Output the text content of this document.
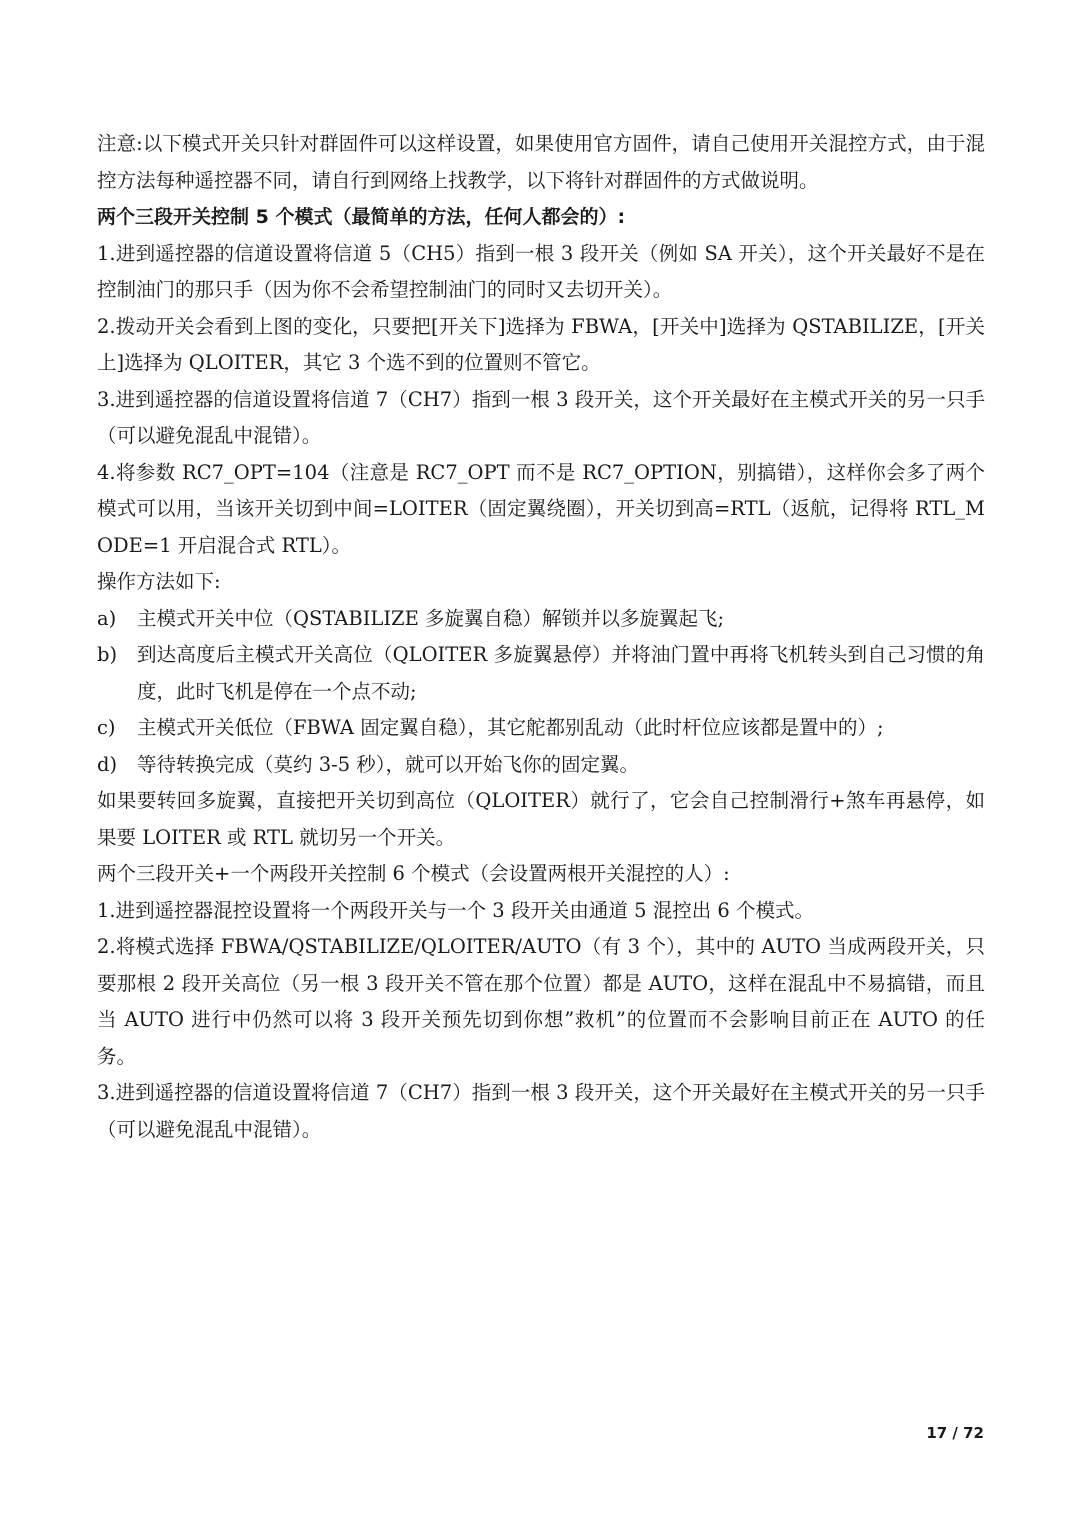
注意:以下模式开关只针对群固件可以这样设置，如果使用官方固件，请自己使用开关混控方式，由于混控方法每种遥控器不同，请自行到网络上找教学，以下将针对群固件的方式做说明。

两个三段开关控制 5 个模式（最简单的方法，任何人都会的）:

1.进到遥控器的信道设置将信道 5（CH5）指到一根 3 段开关（例如 SA 开关），这个开关最好不是在控制油门的那只手（因为你不会希望控制油门的同时又去切开关）。

2.拨动开关会看到上图的变化，只要把[开关下]选择为 FBWA，[开关中]选择为 QSTABILIZE，[开关上]选择为 QLOITER，其它 3 个选不到的位置则不管它。

3.进到遥控器的信道设置将信道 7（CH7）指到一根 3 段开关，这个开关最好在主模式开关的另一只手（可以避免混乱中混错）。

4.将参数 RC7_OPT=104（注意是 RC7_OPT 而不是 RC7_OPTION，别搞错），这样你会多了两个模式可以用，当该开关切到中间=LOITER（固定翼绕圈），开关切到高=RTL（返航，记得将 RTL_MODE=1 开启混合式 RTL）。

操作方法如下:

a)	主模式开关中位（QSTABILIZE 多旋翼自稳）解锁并以多旋翼起飞;
b)	到达高度后主模式开关高位（QLOITER 多旋翼悬停）并将油门置中再将飞机转头到自己习惯的角度，此时飞机是停在一个点不动;
c)	主模式开关低位（FBWA 固定翼自稳），其它舵都别乱动（此时杆位应该都是置中的）;
d)	等待转换完成（莫约 3-5 秒），就可以开始飞你的固定翼。

如果要转回多旋翼，直接把开关切到高位（QLOITER）就行了，它会自己控制滑行+煞车再悬停，如果要 LOITER 或 RTL 就切另一个开关。

两个三段开关+一个两段开关控制 6 个模式（会设置两根开关混控的人）:

1.进到遥控器混控设置将一个两段开关与一个 3 段开关由通道 5 混控出 6 个模式。

2.将模式选择 FBWA/QSTABILIZE/QLOITER/AUTO（有 3 个），其中的 AUTO 当成两段开关，只要那根 2 段开关高位（另一根 3 段开关不管在那个位置）都是 AUTO，这样在混乱中不易搞错，而且当 AUTO 进行中仍然可以将 3 段开关预先切到你想”救机”的位置而不会影响目前正在 AUTO 的任务。

3.进到遥控器的信道设置将信道 7（CH7）指到一根 3 段开关，这个开关最好在主模式开关的另一只手（可以避免混乱中混错）。

17 / 72
